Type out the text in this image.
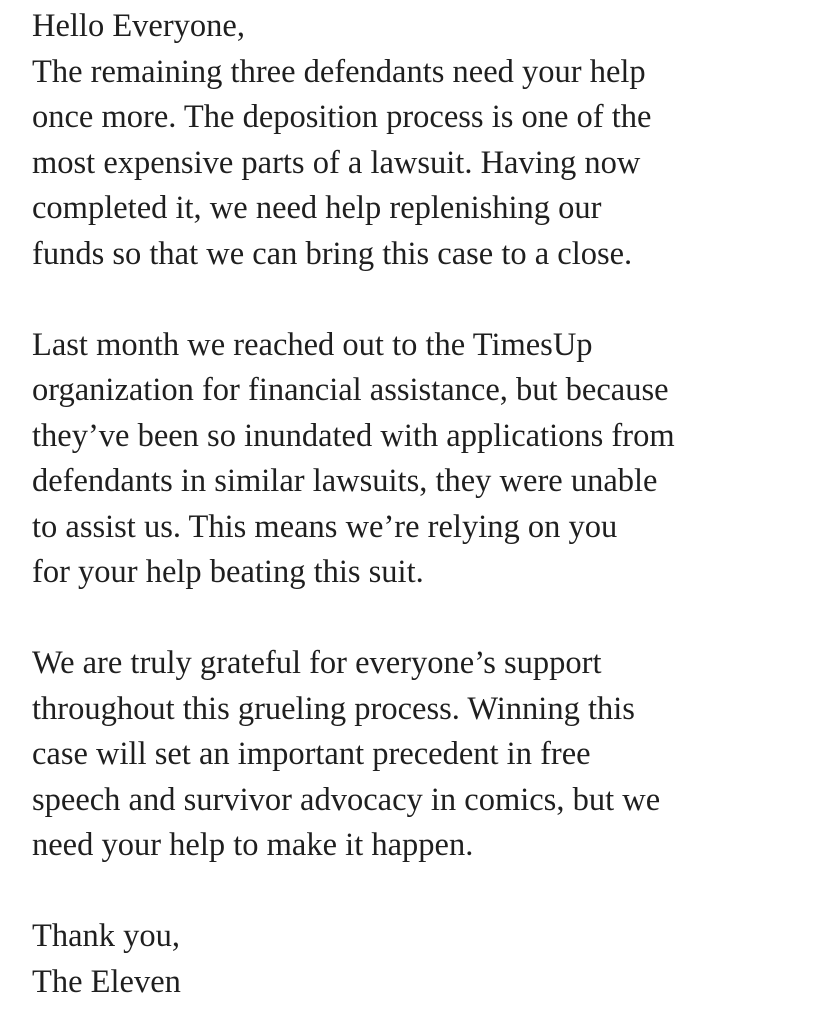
Hello Everyone,
The remaining three defendants need your help
once more. The deposition process is one of the
most expensive parts of a lawsuit. Having now
completed it, we need help replenishing our
funds so that we can bring this case to a close.
Last month we reached out to the TimesUp
organization for financial assistance, but because
they’ve been so inundated with applications from
defendants in similar lawsuits, they were unable
to assist us. This means we’re relying on you
for your help beating this suit.
We are truly grateful for everyone’s support
throughout this grueling process. Winning this
case will set an important precedent in free
speech and survivor advocacy in comics, but we
need your help to make it happen.
Thank you,
The Eleven
